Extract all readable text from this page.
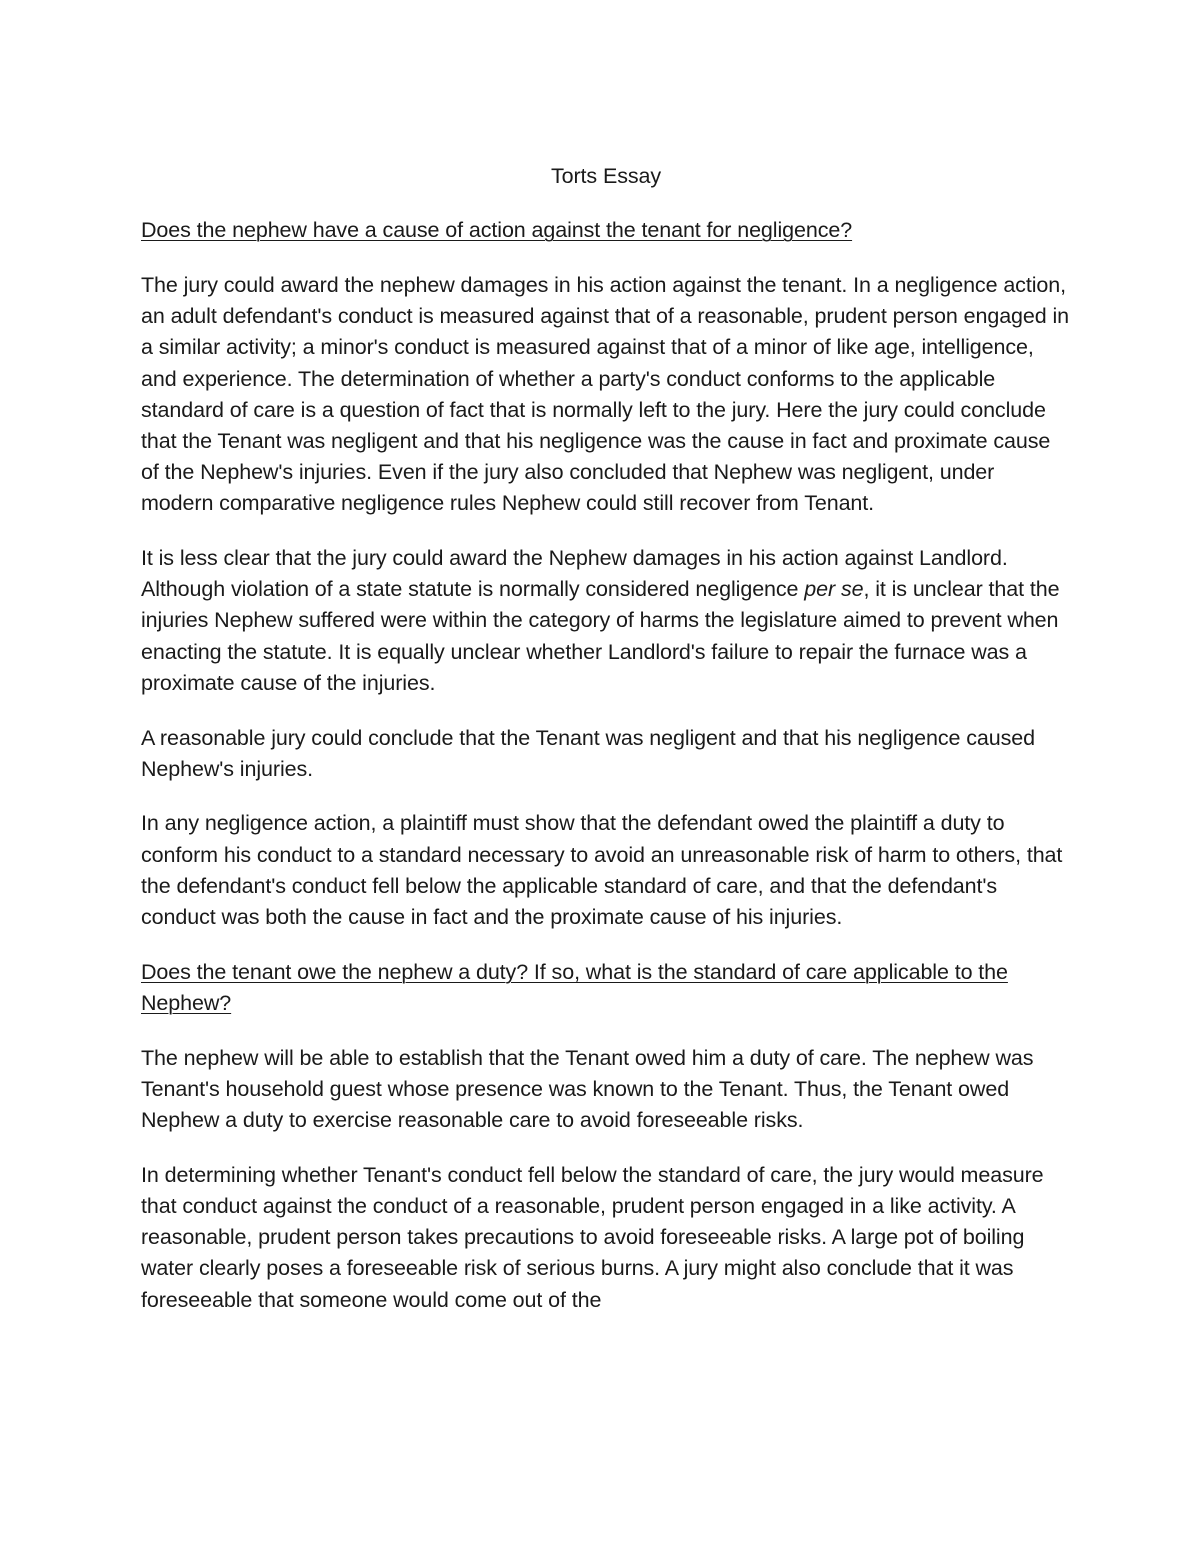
Torts Essay

Does the nephew have a cause of action against the tenant for negligence?

The jury could award the nephew damages in his action against the tenant. In a negligence action, an adult defendant's conduct is measured against that of a reasonable, prudent person engaged in a similar activity; a minor's conduct is measured against that of a minor of like age, intelligence, and experience. The determination of whether a party's conduct conforms to the applicable standard of care is a question of fact that is normally left to the jury. Here the jury could conclude that the Tenant was negligent and that his negligence was the cause in fact and proximate cause of the Nephew's injuries. Even if the jury also concluded that Nephew was negligent, under modern comparative negligence rules Nephew could still recover from Tenant.

It is less clear that the jury could award the Nephew damages in his action against Landlord. Although violation of a state statute is normally considered negligence per se, it is unclear that the injuries Nephew suffered were within the category of harms the legislature aimed to prevent when enacting the statute. It is equally unclear whether Landlord's failure to repair the furnace was a proximate cause of the injuries.

A reasonable jury could conclude that the Tenant was negligent and that his negligence caused Nephew's injuries.

In any negligence action, a plaintiff must show that the defendant owed the plaintiff a duty to conform his conduct to a standard necessary to avoid an unreasonable risk of harm to others, that the defendant's conduct fell below the applicable standard of care, and that the defendant's conduct was both the cause in fact and the proximate cause of his injuries.

Does the tenant owe the nephew a duty? If so, what is the standard of care applicable to the Nephew?

The nephew will be able to establish that the Tenant owed him a duty of care. The nephew was Tenant's household guest whose presence was known to the Tenant. Thus, the Tenant owed Nephew a duty to exercise reasonable care to avoid foreseeable risks.

In determining whether Tenant's conduct fell below the standard of care, the jury would measure that conduct against the conduct of a reasonable, prudent person engaged in a like activity. A reasonable, prudent person takes precautions to avoid foreseeable risks. A large pot of boiling water clearly poses a foreseeable risk of serious burns. A jury might also conclude that it was foreseeable that someone would come out of the
